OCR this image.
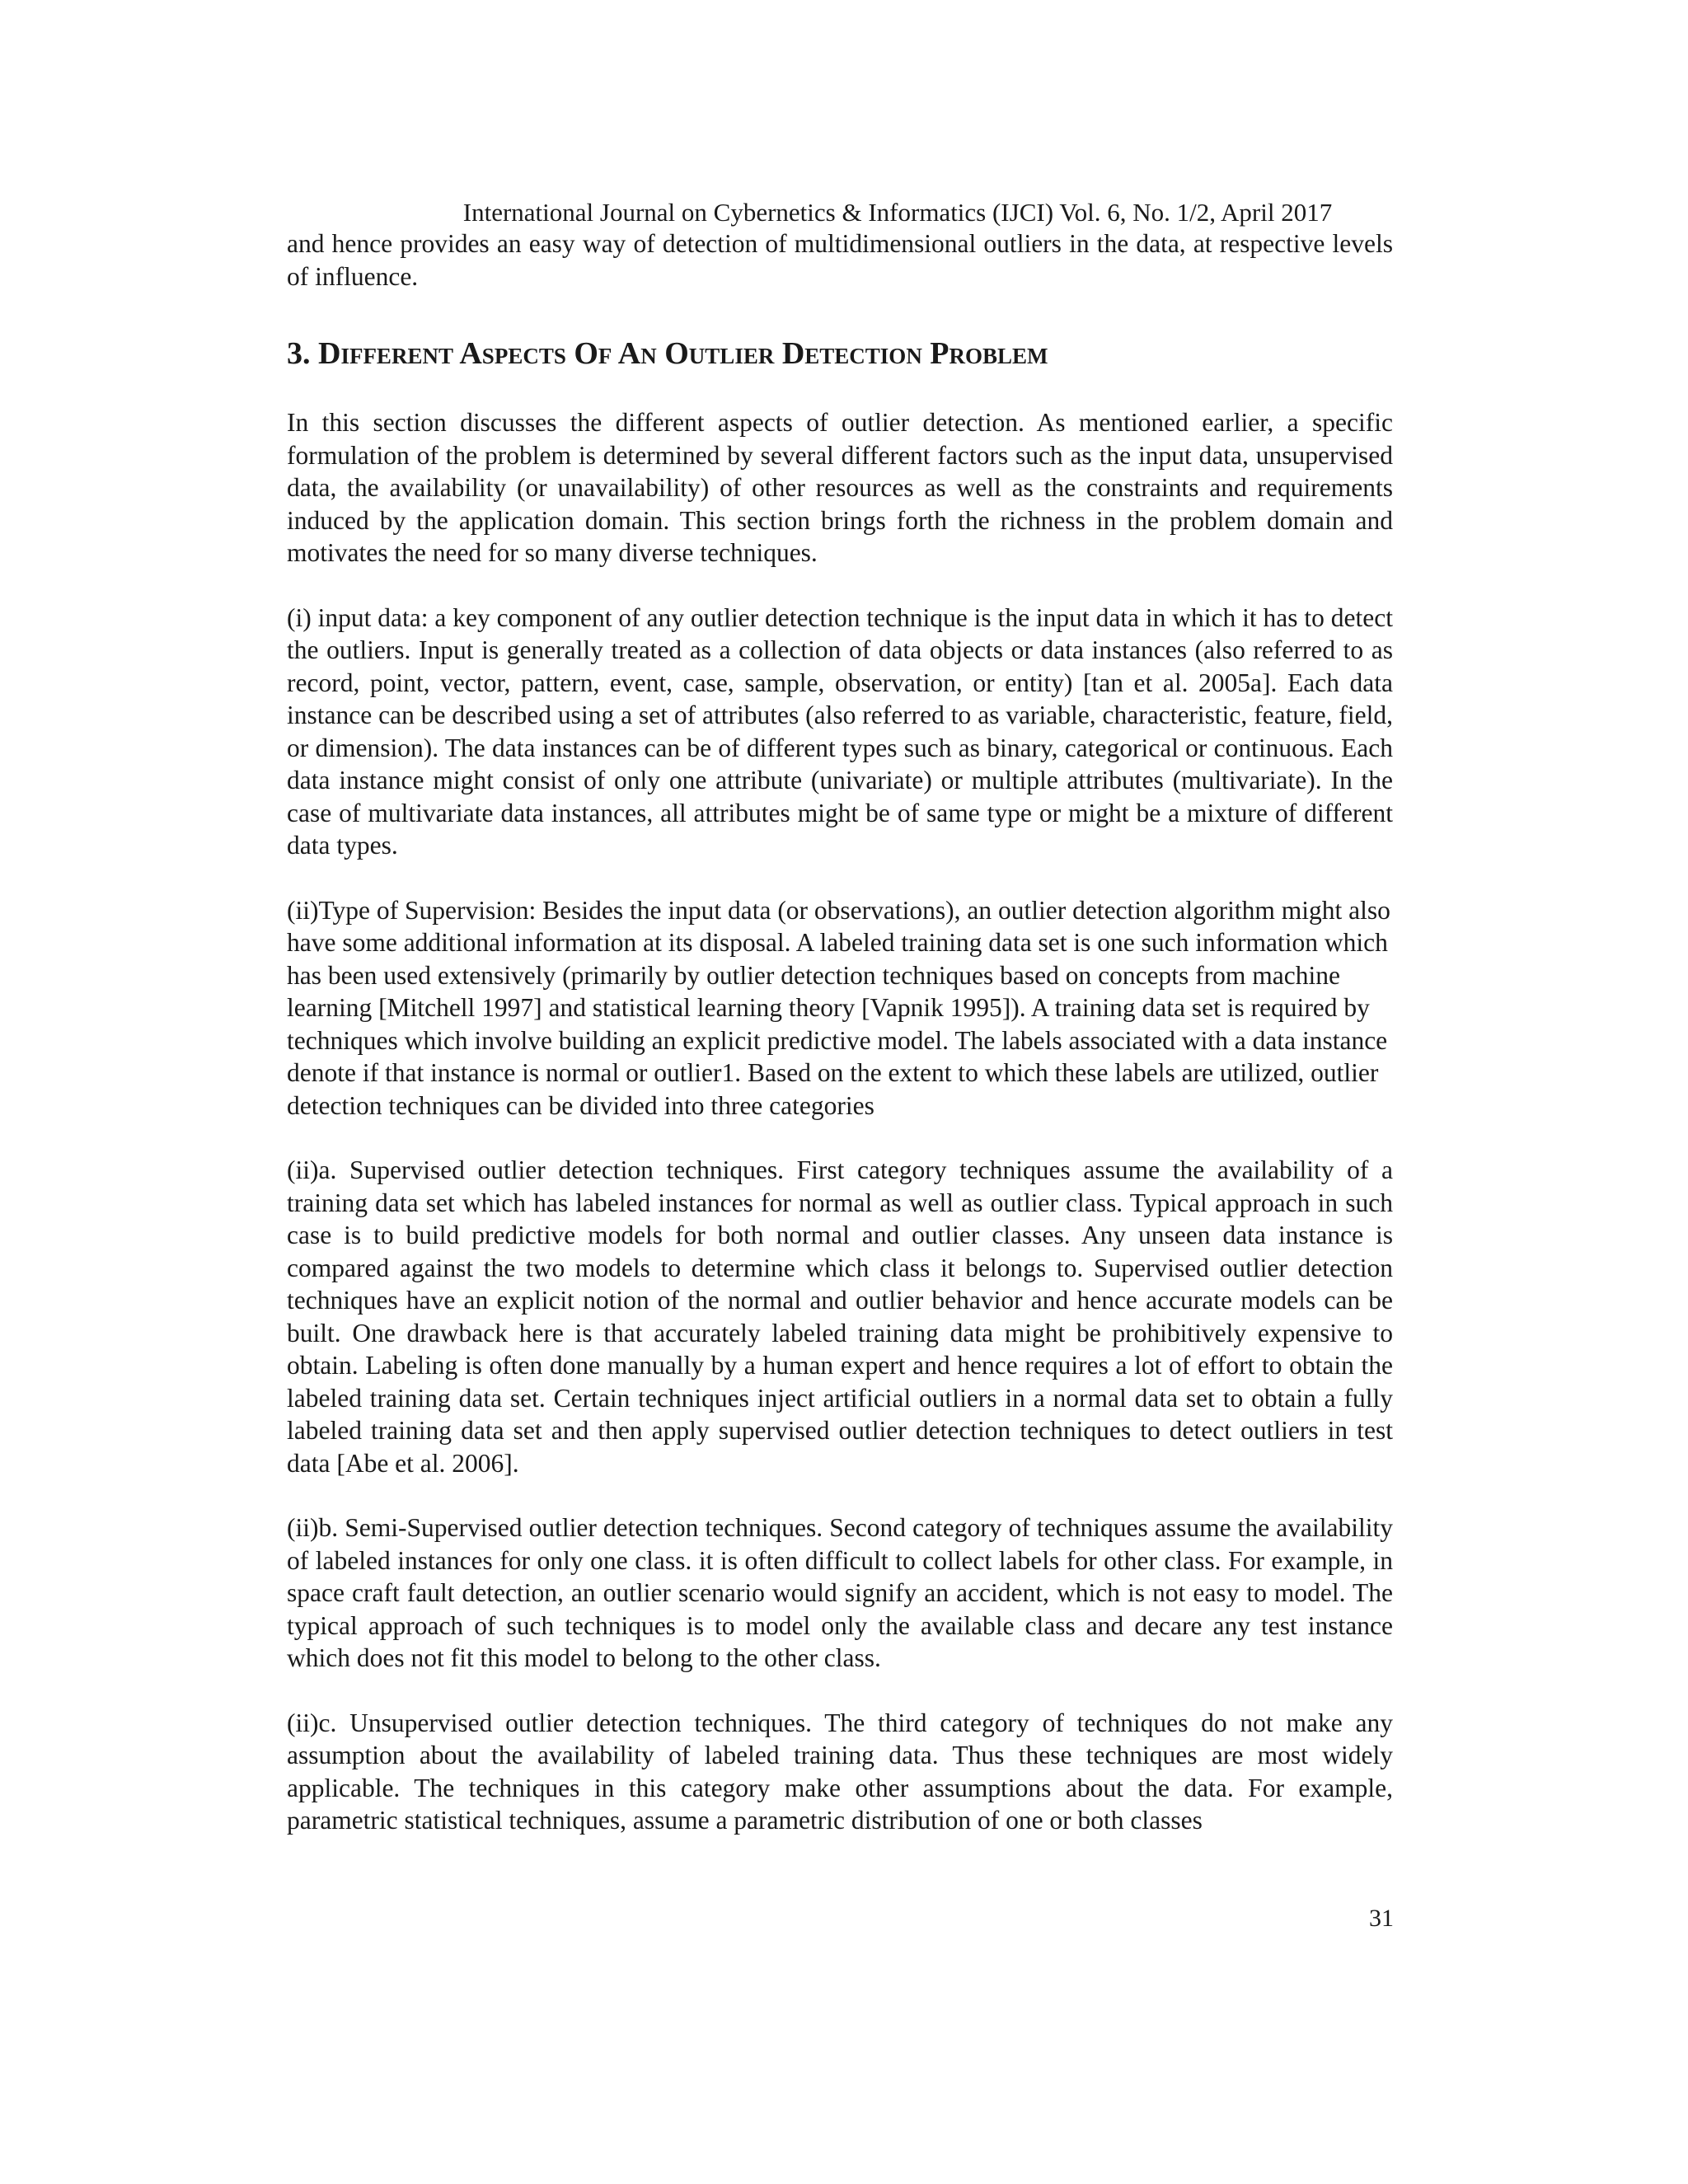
International Journal on Cybernetics & Informatics (IJCI) Vol. 6, No. 1/2, April 2017

and hence provides an easy way of detection of multidimensional outliers in the data, at respective levels of influence.

3. Different Aspects Of An Outlier Detection Problem

In this section discusses the different aspects of outlier detection. As mentioned earlier, a specific formulation of the problem is determined by several different factors such as the input data, unsupervised data, the availability (or unavailability) of other resources as well as the constraints and requirements induced by the application domain. This section brings forth the richness in the problem domain and motivates the need for so many diverse techniques.

(i) input data: a key component of any outlier detection technique is the input data in which it has to detect the outliers. Input is generally treated as a collection of data objects or data instances (also referred to as record, point, vector, pattern, event, case, sample, observation, or entity) [tan et al. 2005a]. Each data instance can be described using a set of attributes (also referred to as variable, characteristic, feature, field, or dimension). The data instances can be of different types such as binary, categorical or continuous. Each data instance might consist of only one attribute (univariate) or multiple attributes (multivariate). In the case of multivariate data instances, all attributes might be of same type or might be a mixture of different data types.

(ii)Type of Supervision: Besides the input data (or observations), an outlier detection algorithm might also have some additional information at its disposal. A labeled training data set is one such information which has been used extensively (primarily by outlier detection techniques based on concepts from machine learning [Mitchell 1997] and statistical learning theory [Vapnik 1995]). A training data set is required by techniques which involve building an explicit predictive model. The labels associated with a data instance denote if that instance is normal or outlier1. Based on the extent to which these labels are utilized, outlier detection techniques can be divided into three categories

(ii)a. Supervised outlier detection techniques. First category techniques assume the availability of a training data set which has labeled instances for normal as well as outlier class. Typical approach in such case is to build predictive models for both normal and outlier classes. Any unseen data instance is compared against the two models to determine which class it belongs to. Supervised outlier detection techniques have an explicit notion of the normal and outlier behavior and hence accurate models can be built. One drawback here is that accurately labeled training data might be prohibitively expensive to obtain. Labeling is often done manually by a human expert and hence requires a lot of effort to obtain the labeled training data set. Certain techniques inject artificial outliers in a normal data set to obtain a fully labeled training data set and then apply supervised outlier detection techniques to detect outliers in test data [Abe et al. 2006].

(ii)b. Semi-Supervised outlier detection techniques. Second category of techniques assume the availability of labeled instances for only one class. it is often difficult to collect labels for other class. For example, in space craft fault detection, an outlier scenario would signify an accident, which is not easy to model. The typical approach of such techniques is to model only the available class and decare any test instance which does not fit this model to belong to the other class.

(ii)c. Unsupervised outlier detection techniques. The third category of techniques do not make any assumption about the availability of labeled training data. Thus these techniques are most widely applicable. The techniques in this category make other assumptions about the data. For example, parametric statistical techniques, assume a parametric distribution of one or both classes

31
